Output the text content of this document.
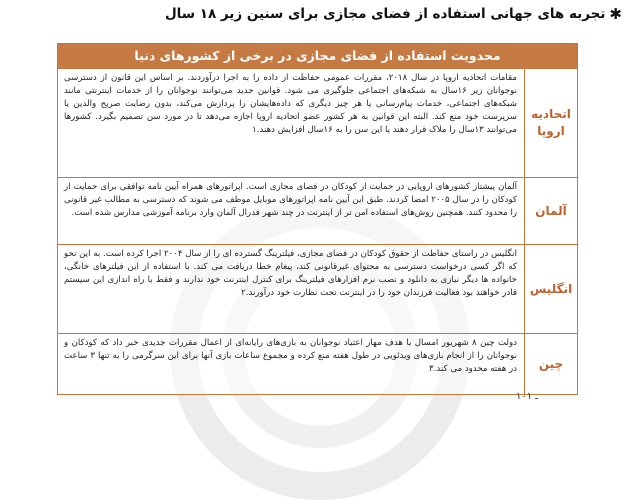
✱
تجربه های جهانی استفاده از فضای مجازی برای سنین زیر ۱۸ سال
محدویت استفاده از فضای مجازی در برخی از کشورهای دنیا
اتحادیه اروپا
مقامات اتحادیه اروپا در سال ۲۰۱۸، مقررات عمومی حفاظت از داده را به اجرا درآوردند. بر اساس این قانون از دسترسی نوجوانان زیر ۱۶سال به شبکه‌های اجتماعی جلوگیری می شود. قوانین جدید می‌توانند نوجوانان را از خدمات اینترنتی مانند شبکه‌های اجتماعی، خدمات پیام‌رسانی یا هر چیز دیگری که داده‌هایشان را پردازش می‌کند، بدون رضایت صریح والدین یا سرپرست خود منع کند. البته این قوانین به هر کشور عضو اتحادیه اروپا اجازه می‌دهد تا در مورد سن تصمیم بگیرد. کشورها می‌توانند ۱۳سال را ملاک قرار دهند یا این سن را به ۱۶سال افزایش دهند.۱
آلمان
آلمان پیشتاز کشورهای اروپایی در حمایت از کودکان در فضای مجازی است. اپراتورهای همراه آیین نامه توافقی برای حمایت از کودکان را در سال ۲۰۰۵ امضا کردند. طبق این آیین نامه اپراتورهای موبایل موظف می شوند که دسترسی به مطالب غیر قانونی را محدود کنند. همچنین روش‌های استفاده امن تر از اینترنت در چند شهر فدرال آلمان وارد برنامه آموزشی مدارس شده است.
انگلیس
انگلیس در راستای حفاظت از حقوق کودکان در فضای مجازی، فیلترینگ گسترده ای را از سال ۲۰۰۴ اجرا کرده است. به این نحو که اگر کسی درخواست دسترسی به محتوای غیرقانونی کند، پیغام خطا دریافت می کند. با استفاده از این فیلترهای خانگی، خانواده ها دیگر نیازی به دانلود و نصب نرم افزارهای فیلترینگ برای کنترل اینترنت خود ندارند و فقط با راه اندازی این سیستم قادر خواهند بود فعالیت فرزندان خود را در اینترنت تحت نظارت خود درآورند.۲
چین
دولت چین ۸ شهریور امسال با هدف مهار اعتیاد نوجوانان به بازی‌های رایانه‌ای از اعمال مقررات جدیدی خبر داد که کودکان و نوجوانان را از انجام بازی‌های ویدئویی در طول هفته منع کرده و مجموع ساعات بازی آنها برای این سرگرمی را به تنها ۳ ساعت در هفته محدود می کند.۳
ـ ۱۰۱
